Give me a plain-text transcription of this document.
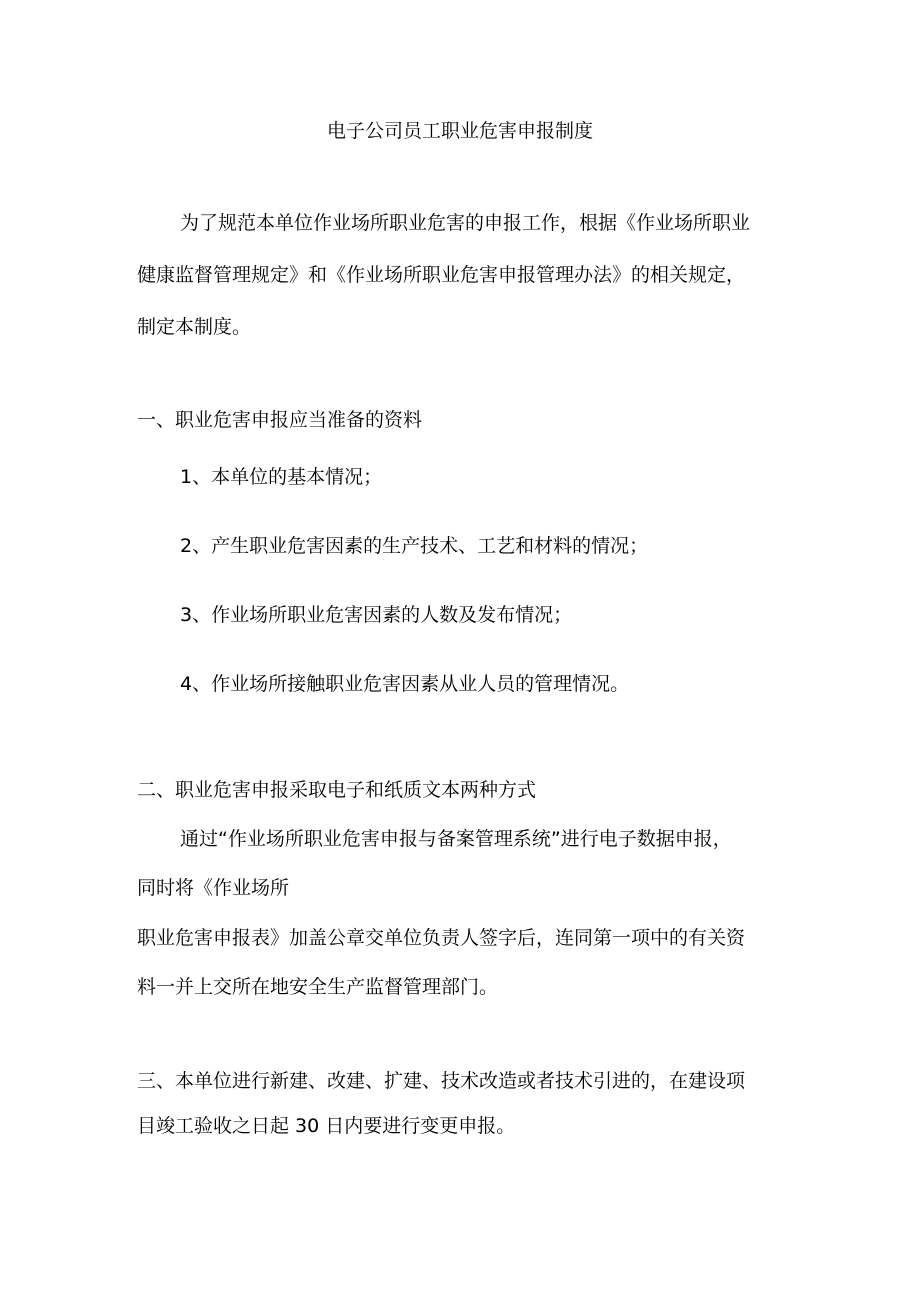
电子公司员工职业危害申报制度
为了规范本单位作业场所职业危害的申报工作，根据《作业场所职业
健康监督管理规定》和《作业场所职业危害申报管理办法》的相关规定，
制定本制度。
一、职业危害申报应当准备的资料
1、本单位的基本情况；
2、产生职业危害因素的生产技术、工艺和材料的情况；
3、作业场所职业危害因素的人数及发布情况；
4、作业场所接触职业危害因素从业人员的管理情况。
二、职业危害申报采取电子和纸质文本两种方式
通过“作业场所职业危害申报与备案管理系统”进行电子数据申报，
同时将《作业场所
职业危害申报表》加盖公章交单位负责人签字后，连同第一项中的有关资
料一并上交所在地安全生产监督管理部门。
三、本单位进行新建、改建、扩建、技术改造或者技术引进的，在建设项
目竣工验收之日起 30 日内要进行变更申报。
